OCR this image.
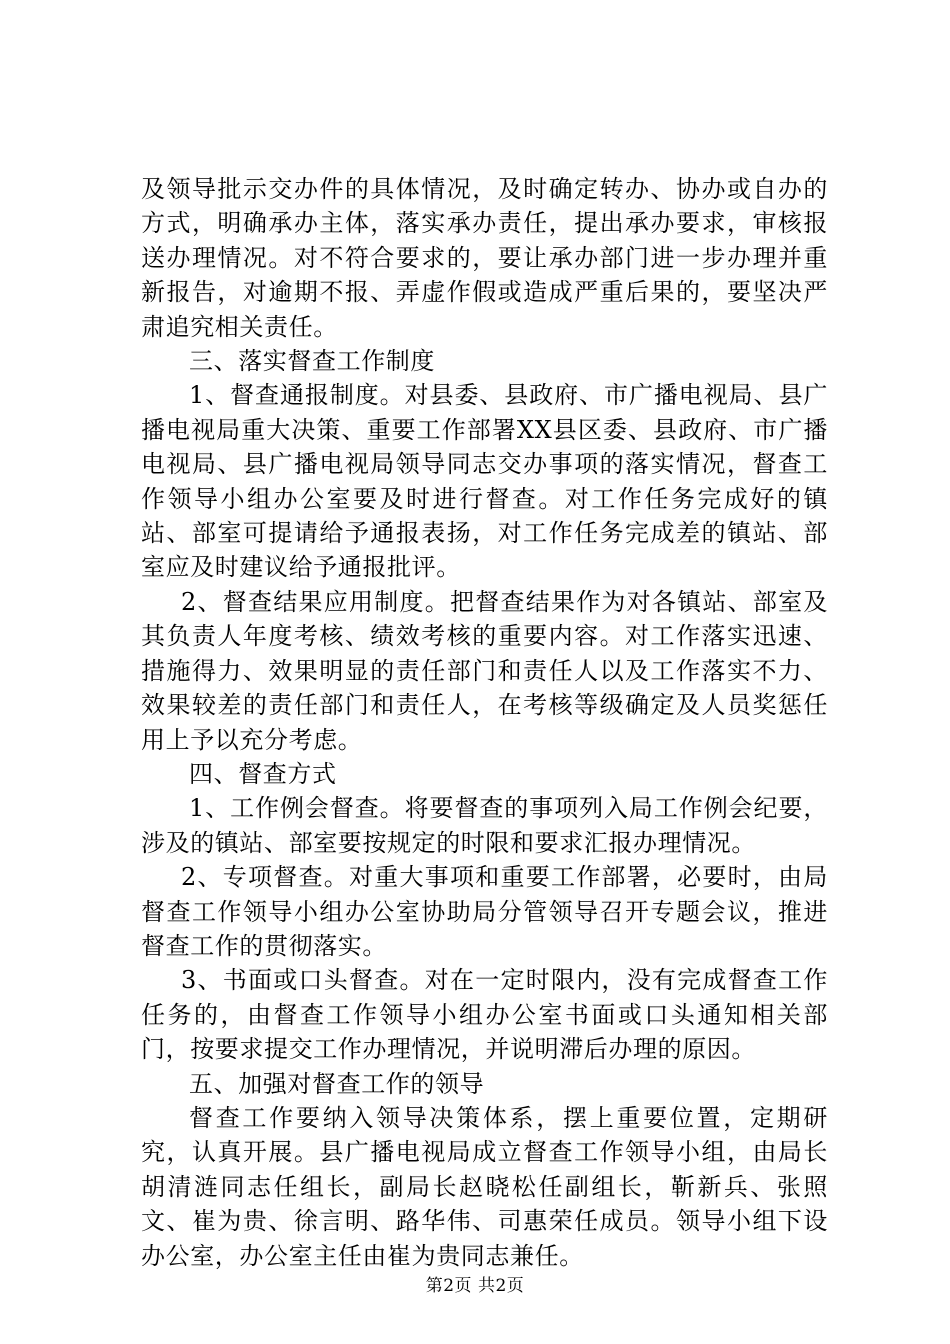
及领导批示交办件的具体情况，及时确定转办、协办或自办的方式，明确承办主体，落实承办责任，提出承办要求，审核报送办理情况。对不符合要求的，要让承办部门进一步办理并重新报告，对逾期不报、弄虚作假或造成严重后果的，要坚决严肃追究相关责任。

三、落实督查工作制度

1、督查通报制度。对县委、县政府、市广播电视局、县广播电视局重大决策、重要工作部署XX县区委、县政府、市广播电视局、县广播电视局领导同志交办事项的落实情况，督查工作领导小组办公室要及时进行督查。对工作任务完成好的镇站、部室可提请给予通报表扬，对工作任务完成差的镇站、部室应及时建议给予通报批评。

2、督查结果应用制度。把督查结果作为对各镇站、部室及其负责人年度考核、绩效考核的重要内容。对工作落实迅速、措施得力、效果明显的责任部门和责任人以及工作落实不力、效果较差的责任部门和责任人，在考核等级确定及人员奖惩任用上予以充分考虑。

四、督查方式

1、工作例会督查。将要督查的事项列入局工作例会纪要，涉及的镇站、部室要按规定的时限和要求汇报办理情况。

2、专项督查。对重大事项和重要工作部署，必要时，由局督查工作领导小组办公室协助局分管领导召开专题会议，推进督查工作的贯彻落实。

3、书面或口头督查。对在一定时限内，没有完成督查工作任务的，由督查工作领导小组办公室书面或口头通知相关部门，按要求提交工作办理情况，并说明滞后办理的原因。

五、加强对督查工作的领导

督查工作要纳入领导决策体系，摆上重要位置，定期研究，认真开展。县广播电视局成立督查工作领导小组，由局长胡清涟同志任组长，副局长赵晓松任副组长，靳新兵、张照文、崔为贵、徐言明、路华伟、司惠荣任成员。领导小组下设办公室，办公室主任由崔为贵同志兼任。

第2页 共2页
